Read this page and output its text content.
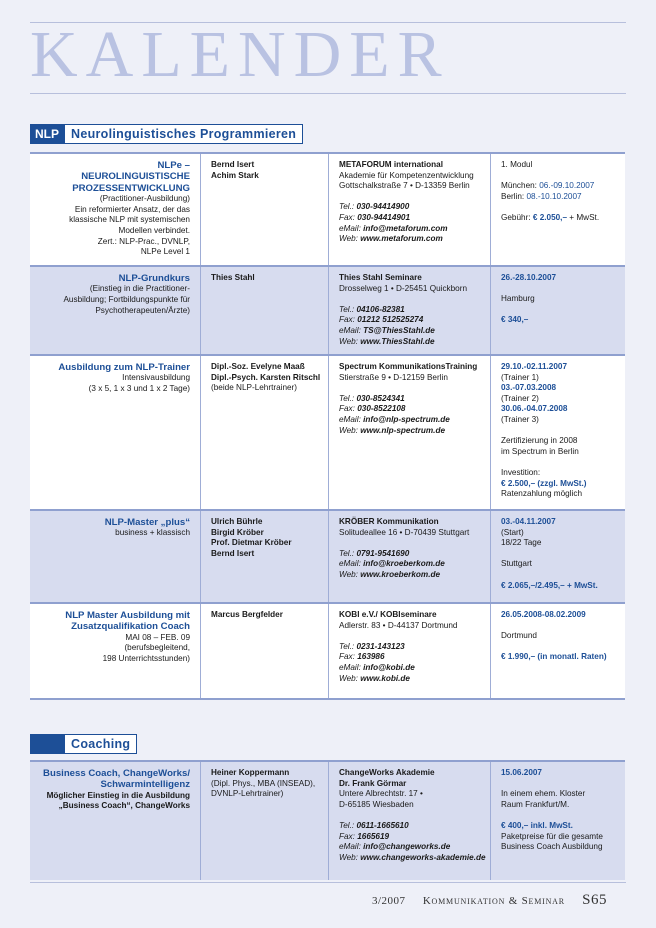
KALENDER
NLP Neurolinguistisches Programmieren
NLPe –
NEUROLINGUISTISCHE
PROZESSENTWICKLUNG
(Practitioner-Ausbildung)
Ein reformierter Ansatz, der das
klassische NLP mit systemischen
Modellen verbindet.
Zert.: NLP-Prac., DVNLP,
NLPe Level 1
Bernd Isert
Achim Stark
METAFORUM international
Akademie für Kompetenzentwicklung
Gottschalkstraße 7 • D-13359 Berlin
Tel.: 030-94414900
Fax: 030-94414901
eMail: info@metaforum.com
Web: www.metaforum.com
1. Modul
München: 06.-09.10.2007
Berlin: 08.-10.10.2007
Gebühr: € 2.050,– + MwSt.
NLP-Grundkurs
(Einstieg in die Practitioner-
Ausbildung; Fortbildungspunkte für
Psychotherapeuten/Ärzte)
Thies Stahl	Thies Stahl Seminare
Drosselweg 1 • D-25451 Quickborn
Tel.: 04106-82381
Fax: 01212 512525274
eMail: TS@ThiesStahl.de
Web: www.ThiesStahl.de
26.-28.10.2007
Hamburg
€ 340,–
Ausbildung zum NLP-Trainer
Intensivausbildung
(3 x 5, 1 x 3 und 1 x 2 Tage)
Dipl.-Soz. Evelyne Maaß
Dipl.-Psych. Karsten Ritschl
(beide NLP-Lehrtrainer)
Spectrum KommunikationsTraining
Stierstraße 9 • D-12159 Berlin
Tel.: 030-8524341
Fax: 030-8522108
eMail: info@nlp-spectrum.de
Web: www.nlp-spectrum.de
29.10.-02.11.2007
(Trainer 1)
03.-07.03.2008
(Trainer 2)
30.06.-04.07.2008
(Trainer 3)
Zertifizierung in 2008
im Spectrum in Berlin
Investition:
€ 2.500,– (zzgl. MwSt.)
Ratenzahlung möglich
NLP-Master „plus“
business + klassisch
Ulrich Bührle
Birgid Kröber
Prof. Dietmar Kröber
Bernd Isert
KRÖBER Kommunikation
Solitudeallee 16 • D-70439 Stuttgart
Tel.: 0791-9541690
eMail: info@kroeberkom.de
Web: www.kroeberkom.de
03.-04.11.2007
(Start)
18/22 Tage
Stuttgart
€ 2.065,–/2.495,– + MwSt.
NLP Master Ausbildung mit
Zusatzqualifikation Coach
MAI 08 – FEB. 09
(berufsbegleitend,
198 Unterrichtsstunden)
Marcus Bergfelder	KOBI e.V./ KOBIseminare
Adlerstr. 83 • D-44137 Dortmund
Tel.: 0231-143123
Fax: 163986
eMail: info@kobi.de
Web: www.kobi.de
26.05.2008-08.02.2009
Dortmund
€ 1.990,– (in monatl. Raten)
Coaching
Business Coach, ChangeWorks/
Schwarmintelligenz
Möglicher Einstieg in die Ausbildung
„Business Coach“, ChangeWorks
Heiner Koppermann
(Dipl. Phys., MBA (INSEAD),
DVNLP-Lehrtrainer)
ChangeWorks Akademie
Dr. Frank Görmar
Untere Albrechtstr. 17 •
D-65185 Wiesbaden
Tel.: 0611-1665610
Fax: 1665619
eMail: info@changeworks.de
Web: www.changeworks-akademie.de
15.06.2007
In einem ehem. Kloster
Raum Frankfurt/M.
€ 400,– inkl. MwSt.
Paketpreise für die gesamte
Business Coach Ausbildung
3/2007 Kommunikation & Seminar S65
